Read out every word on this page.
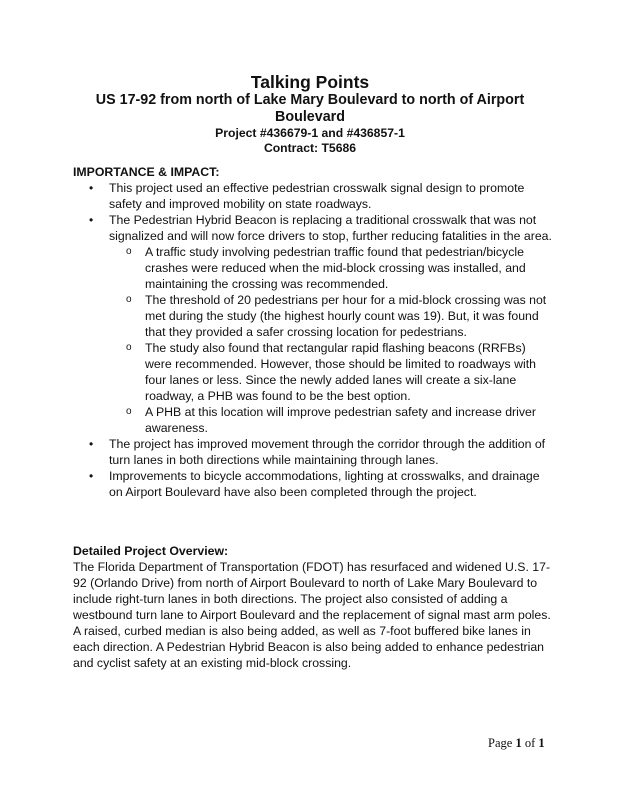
Talking Points
US 17-92 from north of Lake Mary Boulevard to north of Airport Boulevard
Project #436679-1 and #436857-1
Contract: T5686
IMPORTANCE & IMPACT:
• This project used an effective pedestrian crosswalk signal design to promote safety and improved mobility on state roadways.
• The Pedestrian Hybrid Beacon is replacing a traditional crosswalk that was not signalized and will now force drivers to stop, further reducing fatalities in the area.
o A traffic study involving pedestrian traffic found that pedestrian/bicycle crashes were reduced when the mid-block crossing was installed, and maintaining the crossing was recommended.
o The threshold of 20 pedestrians per hour for a mid-block crossing was not met during the study (the highest hourly count was 19). But, it was found that they provided a safer crossing location for pedestrians.
o The study also found that rectangular rapid flashing beacons (RRFBs) were recommended. However, those should be limited to roadways with four lanes or less. Since the newly added lanes will create a six-lane roadway, a PHB was found to be the best option.
o A PHB at this location will improve pedestrian safety and increase driver awareness.
• The project has improved movement through the corridor through the addition of turn lanes in both directions while maintaining through lanes.
• Improvements to bicycle accommodations, lighting at crosswalks, and drainage on Airport Boulevard have also been completed through the project.
Detailed Project Overview:

The Florida Department of Transportation (FDOT) has resurfaced and widened U.S. 17-92 (Orlando Drive) from north of Airport Boulevard to north of Lake Mary Boulevard to include right-turn lanes in both directions. The project also consisted of adding a westbound turn lane to Airport Boulevard and the replacement of signal mast arm poles. A raised, curbed median is also being added, as well as 7-foot buffered bike lanes in each direction. A Pedestrian Hybrid Beacon is also being added to enhance pedestrian and cyclist safety at an existing mid-block crossing.

Page 1 of 1
